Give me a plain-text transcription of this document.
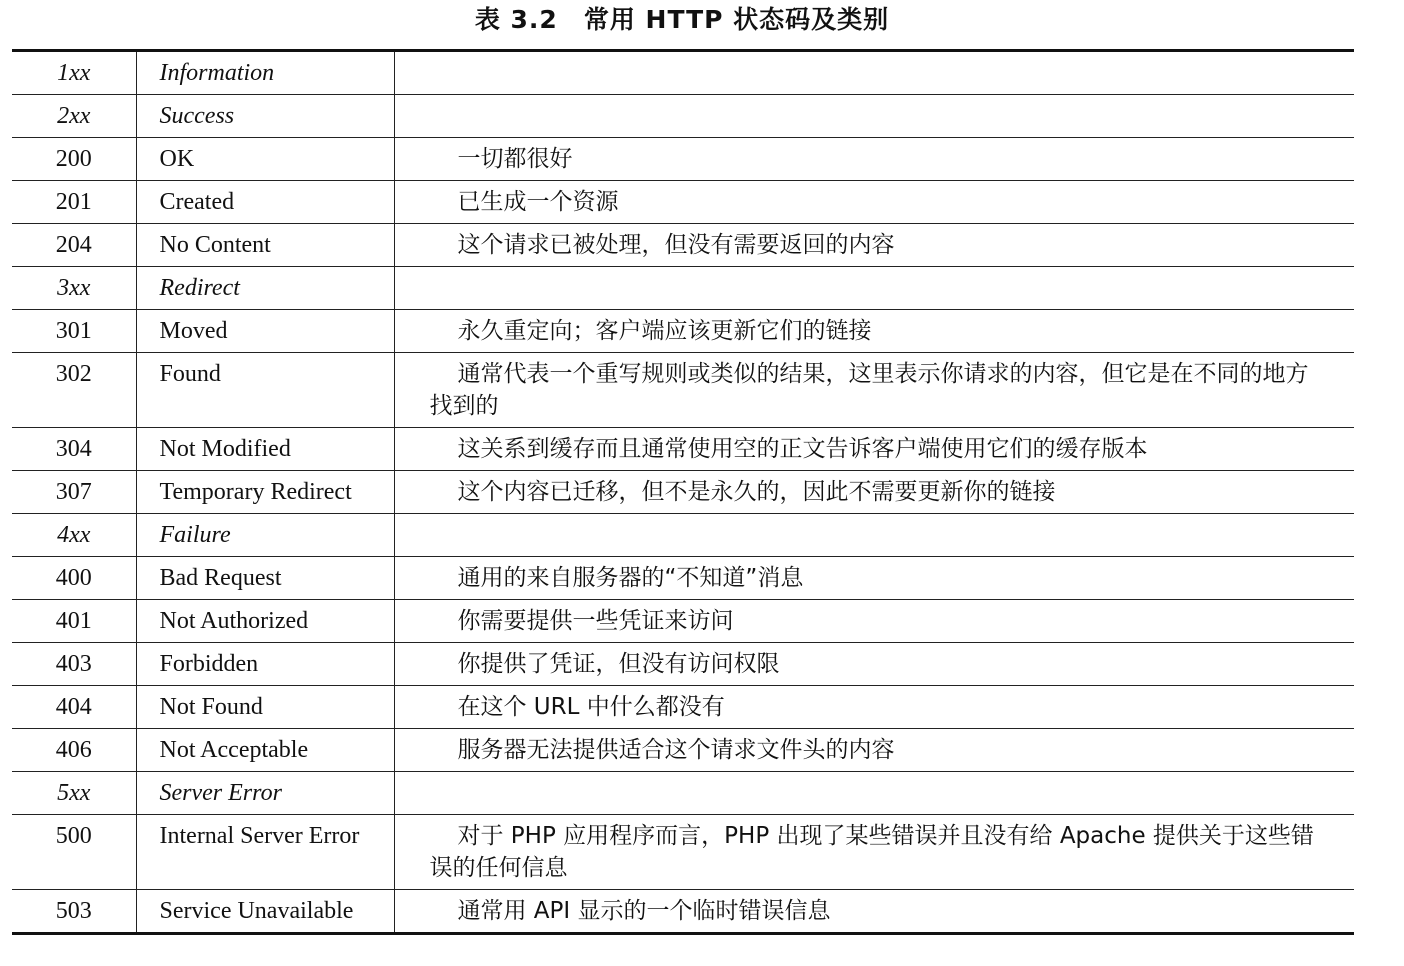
表 3.2　常用 HTTP 状态码及类别
1xx	Information	

2xx	Success	

200	OK	一切都很好

201	Created	已生成一个资源

204	No Content	这个请求已被处理，但没有需要返回的内容

3xx	Redirect	

301	Moved	永久重定向；客户端应该更新它们的链接

302	Found	通常代表一个重写规则或类似的结果，这里表示你请求的内容，但它是在不同的地方找到的

304	Not Modified	这关系到缓存而且通常使用空的正文告诉客户端使用它们的缓存版本

307	Temporary Redirect	这个内容已迁移，但不是永久的，因此不需要更新你的链接

4xx	Failure	

400	Bad Request	通用的来自服务器的“不知道”消息

401	Not Authorized	你需要提供一些凭证来访问

403	Forbidden	你提供了凭证，但没有访问权限

404	Not Found	在这个 URL 中什么都没有

406	Not Acceptable	服务器无法提供适合这个请求文件头的内容

5xx	Server Error	

500	Internal Server Error	对于 PHP 应用程序而言，PHP 出现了某些错误并且没有给 Apache 提供关于这些错误的任何信息

503	Service Unavailable	通常用 API 显示的一个临时错误信息
